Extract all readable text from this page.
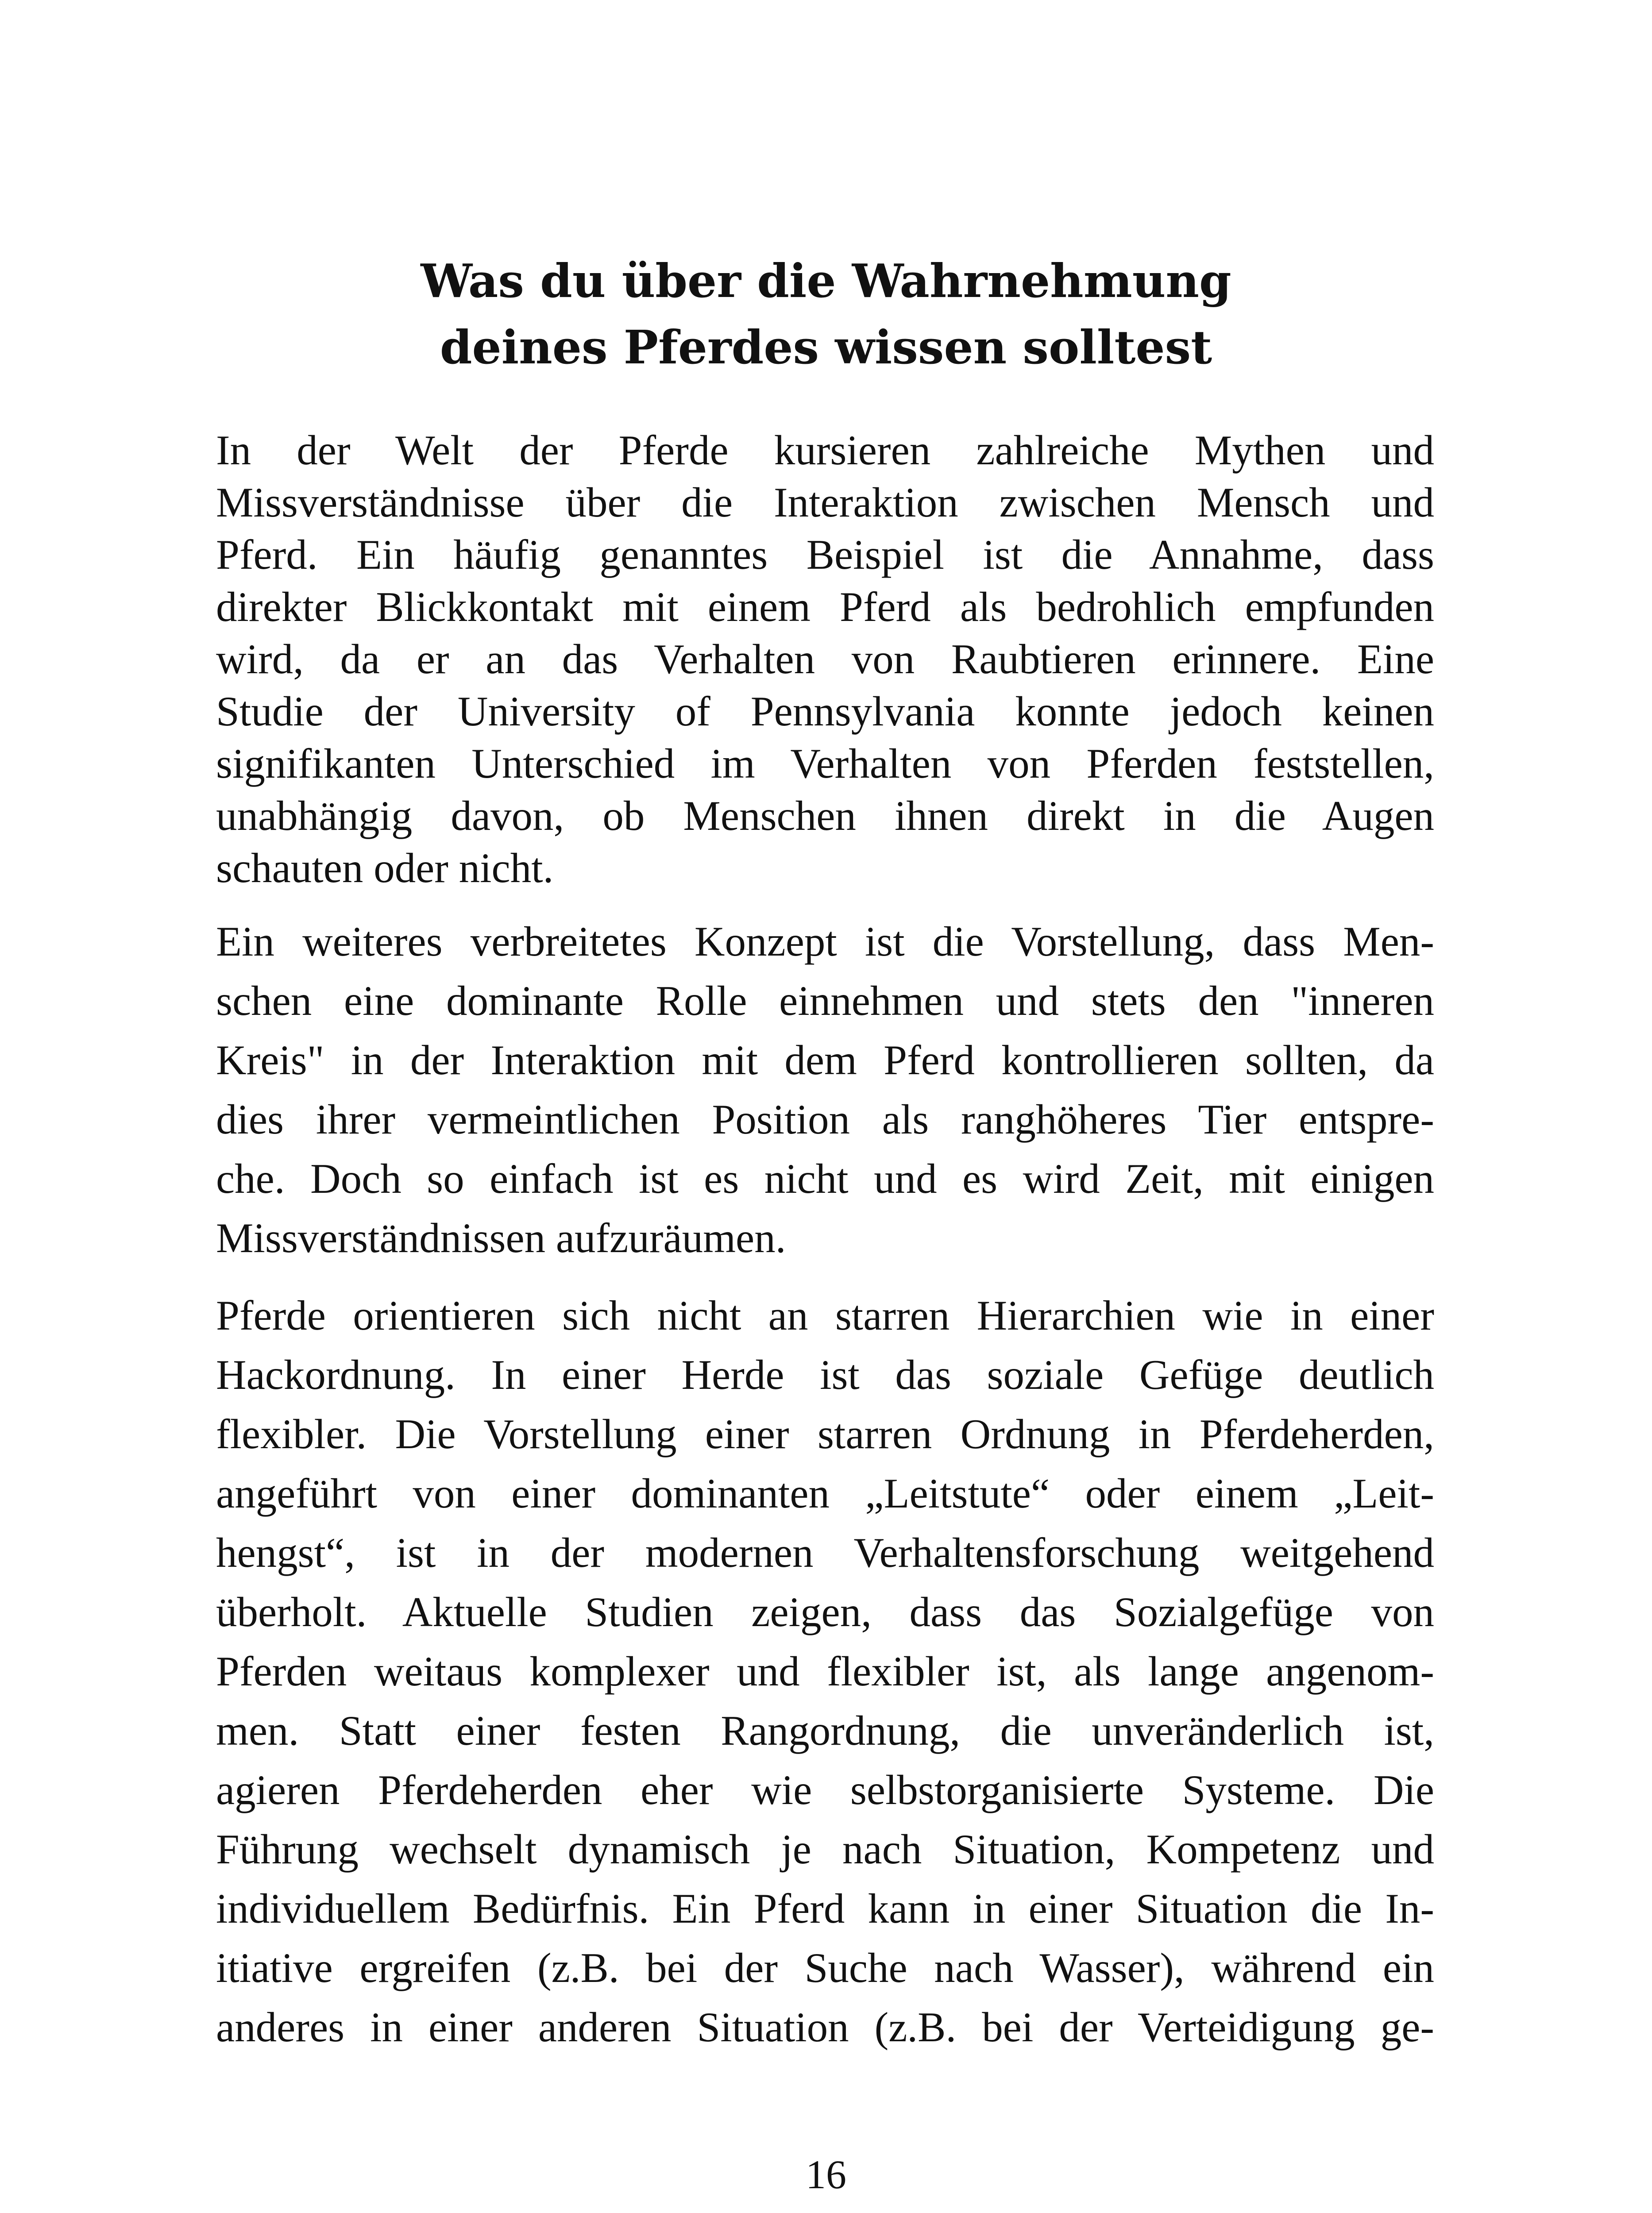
Was du über die Wahrnehmung
deines Pferdes wissen solltest

In der Welt der Pferde kursieren zahlreiche Mythen und
Missverständnisse über die Interaktion zwischen Mensch und
Pferd. Ein häufig genanntes Beispiel ist die Annahme, dass
direkter Blickkontakt mit einem Pferd als bedrohlich empfunden
wird, da er an das Verhalten von Raubtieren erinnere. Eine
Studie der University of Pennsylvania konnte jedoch keinen
signifikanten Unterschied im Verhalten von Pferden feststellen,
unabhängig davon, ob Menschen ihnen direkt in die Augen
schauten oder nicht.

Ein weiteres verbreitetes Konzept ist die Vorstellung, dass Men-
schen eine dominante Rolle einnehmen und stets den "inneren
Kreis" in der Interaktion mit dem Pferd kontrollieren sollten, da
dies ihrer vermeintlichen Position als ranghöheres Tier entspre-
che. Doch so einfach ist es nicht und es wird Zeit, mit einigen
Missverständnissen aufzuräumen.

Pferde orientieren sich nicht an starren Hierarchien wie in einer
Hackordnung. In einer Herde ist das soziale Gefüge deutlich
flexibler. Die Vorstellung einer starren Ordnung in Pferdeherden,
angeführt von einer dominanten „Leitstute“ oder einem „Leit-
hengst“, ist in der modernen Verhaltensforschung weitgehend
überholt. Aktuelle Studien zeigen, dass das Sozialgefüge von
Pferden weitaus komplexer und flexibler ist, als lange angenom-
men. Statt einer festen Rangordnung, die unveränderlich ist,
agieren Pferdeherden eher wie selbstorganisierte Systeme. Die
Führung wechselt dynamisch je nach Situation, Kompetenz und
individuellem Bedürfnis. Ein Pferd kann in einer Situation die In-
itiative ergreifen (z.B. bei der Suche nach Wasser), während ein
anderes in einer anderen Situation (z.B. bei der Verteidigung ge-

16
